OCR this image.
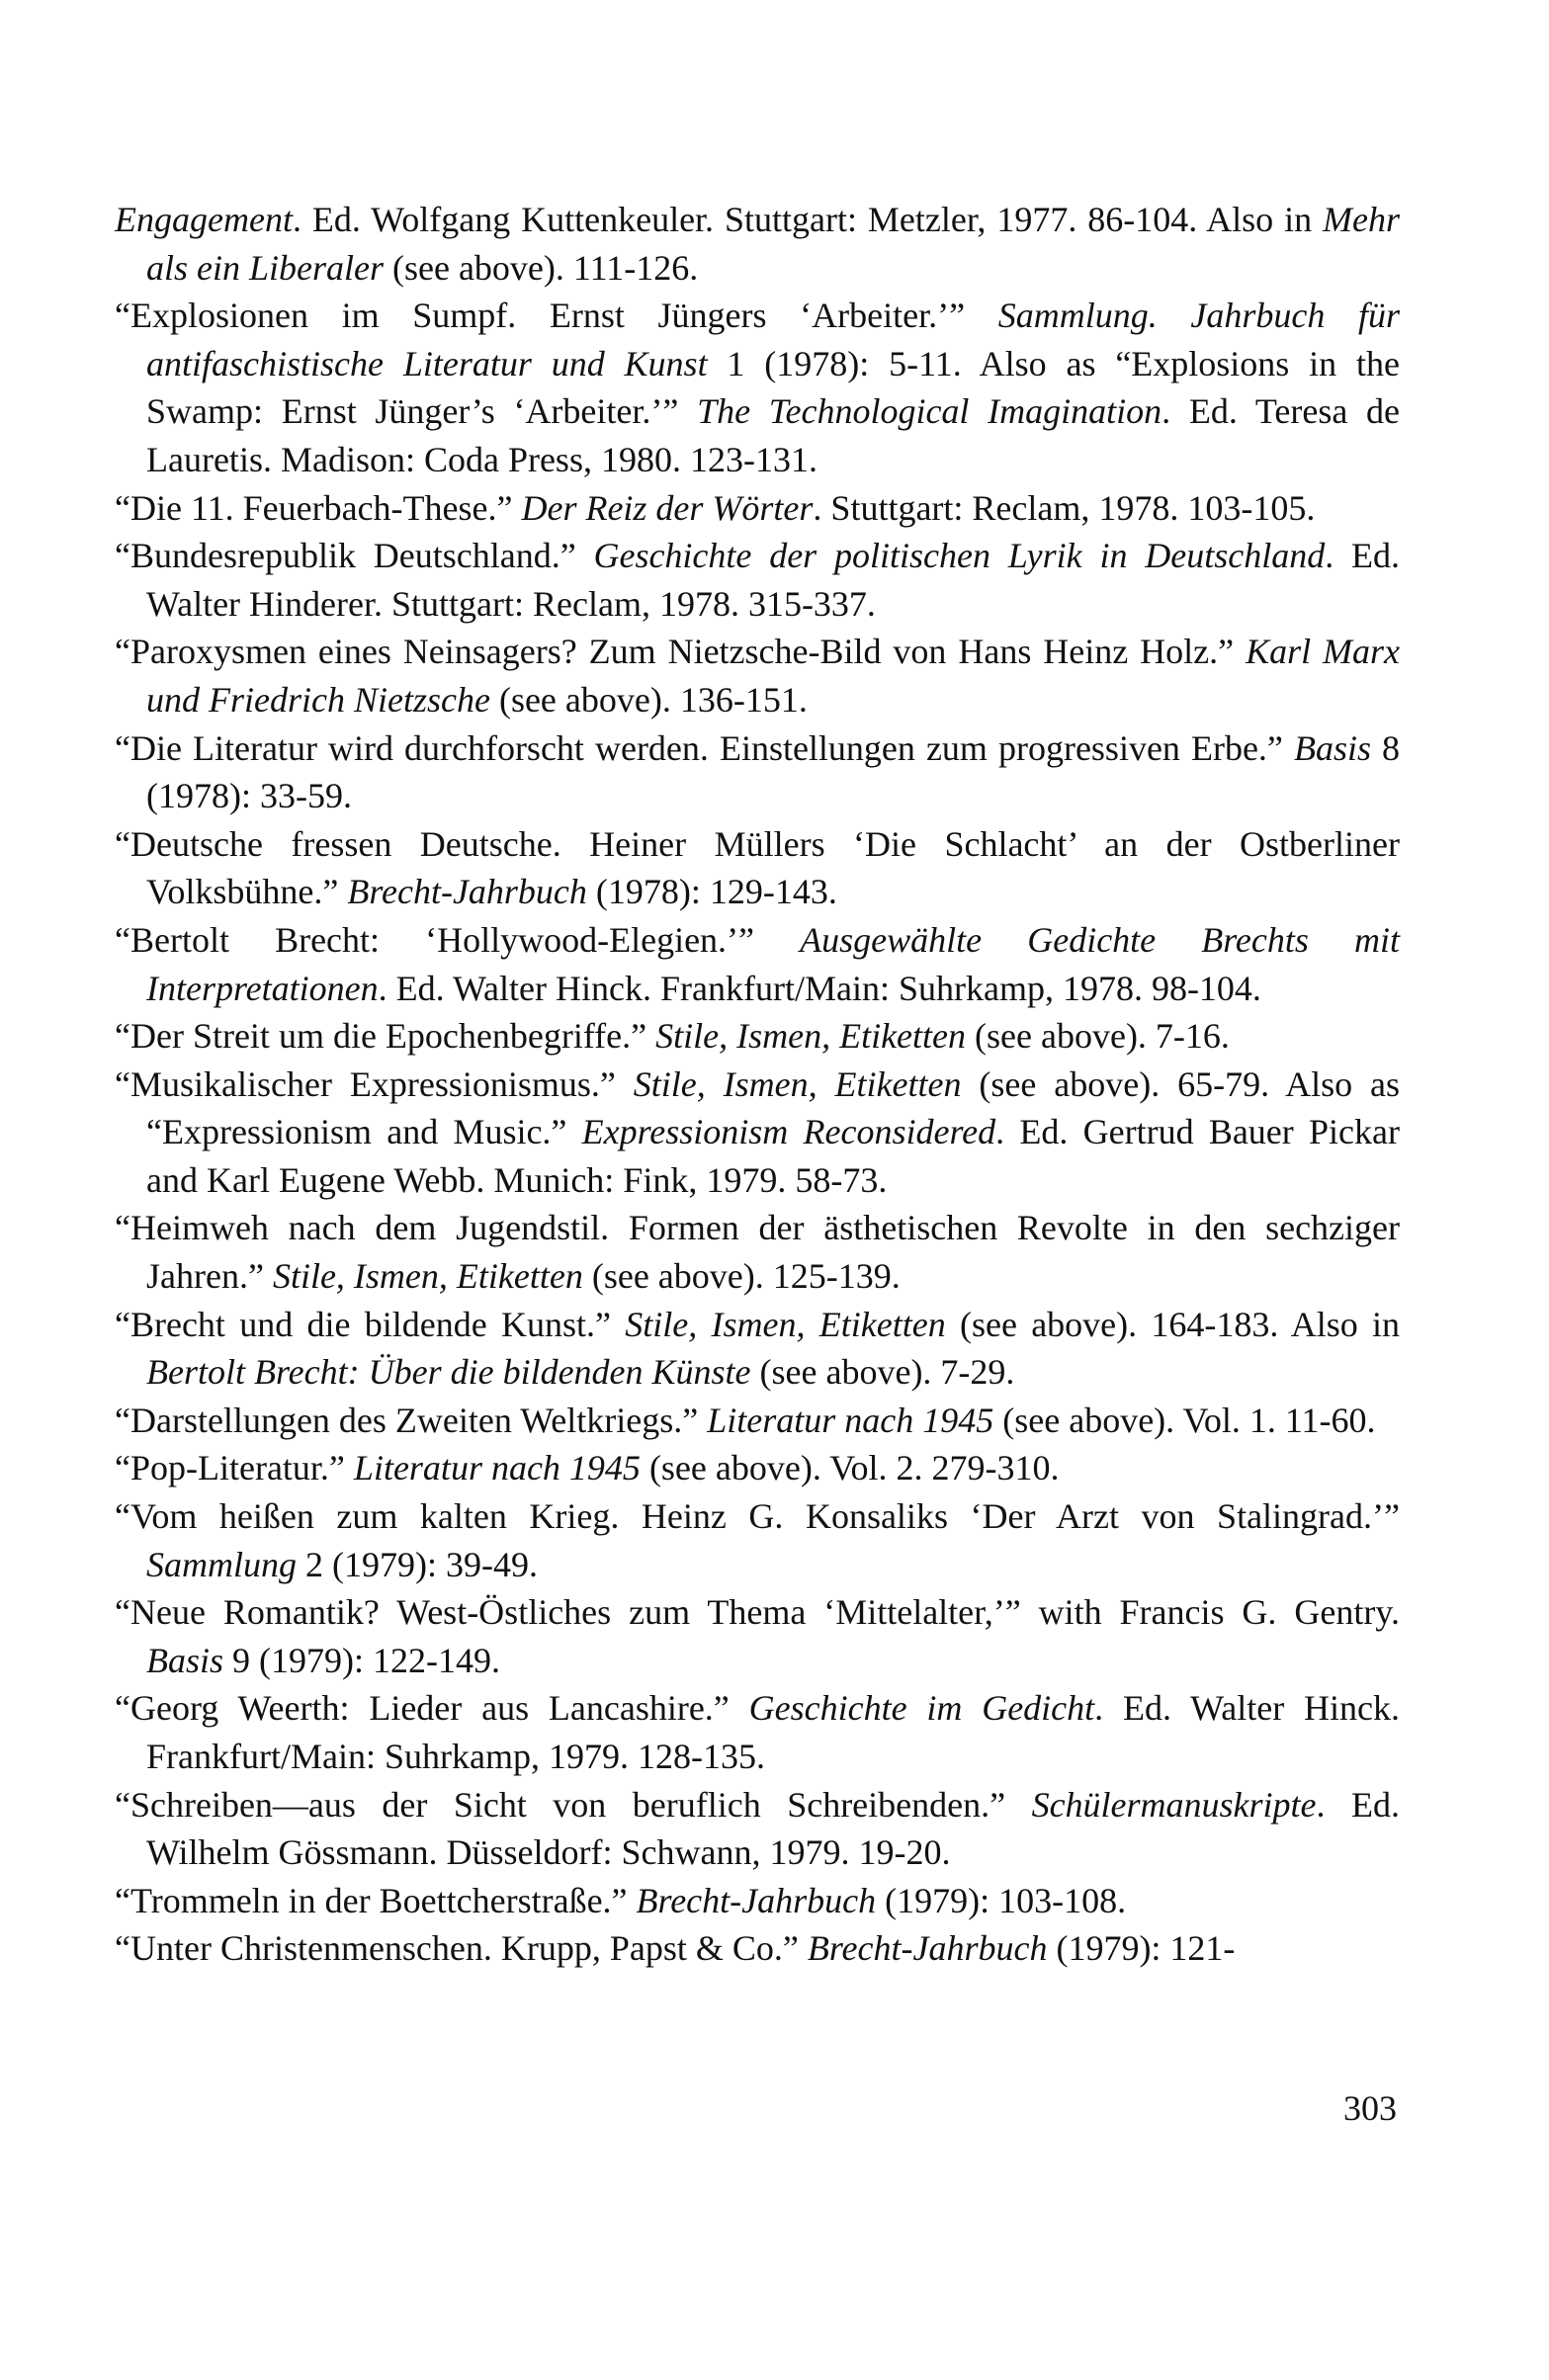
Engagement. Ed. Wolfgang Kuttenkeuler. Stuttgart: Metzler, 1977. 86-104. Also in Mehr als ein Liberaler (see above). 111-126.

“Explosionen im Sumpf. Ernst Jüngers ‘Arbeiter.’” Sammlung. Jahrbuch für antifaschistische Literatur und Kunst 1 (1978): 5-11. Also as “Explosions in the Swamp: Ernst Jünger’s ‘Arbeiter.’” The Technological Imagination. Ed. Teresa de Lauretis. Madison: Coda Press, 1980. 123-131.

“Die 11. Feuerbach-These.” Der Reiz der Wörter. Stuttgart: Reclam, 1978. 103-105.

“Bundesrepublik Deutschland.” Geschichte der politischen Lyrik in Deutschland. Ed. Walter Hinderer. Stuttgart: Reclam, 1978. 315-337.

“Paroxysmen eines Neinsagers? Zum Nietzsche-Bild von Hans Heinz Holz.” Karl Marx und Friedrich Nietzsche (see above). 136-151.

“Die Literatur wird durchforscht werden. Einstellungen zum progressiven Erbe.” Basis 8 (1978): 33-59.

“Deutsche fressen Deutsche. Heiner Müllers ‘Die Schlacht’ an der Ostberliner Volksbühne.” Brecht-Jahrbuch (1978): 129-143.

“Bertolt Brecht: ‘Hollywood-Elegien.’” Ausgewählte Gedichte Brechts mit Interpretationen. Ed. Walter Hinck. Frankfurt/Main: Suhrkamp, 1978. 98-104.

“Der Streit um die Epochenbegriffe.” Stile, Ismen, Etiketten (see above). 7-16.

“Musikalischer Expressionismus.” Stile, Ismen, Etiketten (see above). 65-79. Also as “Expressionism and Music.” Expressionism Reconsidered. Ed. Gertrud Bauer Pickar and Karl Eugene Webb. Munich: Fink, 1979. 58-73.

“Heimweh nach dem Jugendstil. Formen der ästhetischen Revolte in den sechziger Jahren.” Stile, Ismen, Etiketten (see above). 125-139.

“Brecht und die bildende Kunst.” Stile, Ismen, Etiketten (see above). 164-183. Also in Bertolt Brecht: Über die bildenden Künste (see above). 7-29.

“Darstellungen des Zweiten Weltkriegs.” Literatur nach 1945 (see above). Vol. 1. 11-60.

“Pop-Literatur.” Literatur nach 1945 (see above). Vol. 2. 279-310.

“Vom heißen zum kalten Krieg. Heinz G. Konsaliks ‘Der Arzt von Stalingrad.’” Sammlung 2 (1979): 39-49.

“Neue Romantik? West-Östliches zum Thema ‘Mittelalter,’” with Francis G. Gentry. Basis 9 (1979): 122-149.

“Georg Weerth: Lieder aus Lancashire.” Geschichte im Gedicht. Ed. Walter Hinck. Frankfurt/Main: Suhrkamp, 1979. 128-135.

“Schreiben—aus der Sicht von beruflich Schreibenden.” Schülermanuskripte. Ed. Wilhelm Gössmann. Düsseldorf: Schwann, 1979. 19-20.

“Trommeln in der Boettcherstraße.” Brecht-Jahrbuch (1979): 103-108.

“Unter Christenmenschen. Krupp, Papst & Co.” Brecht-Jahrbuch (1979): 121-

303
